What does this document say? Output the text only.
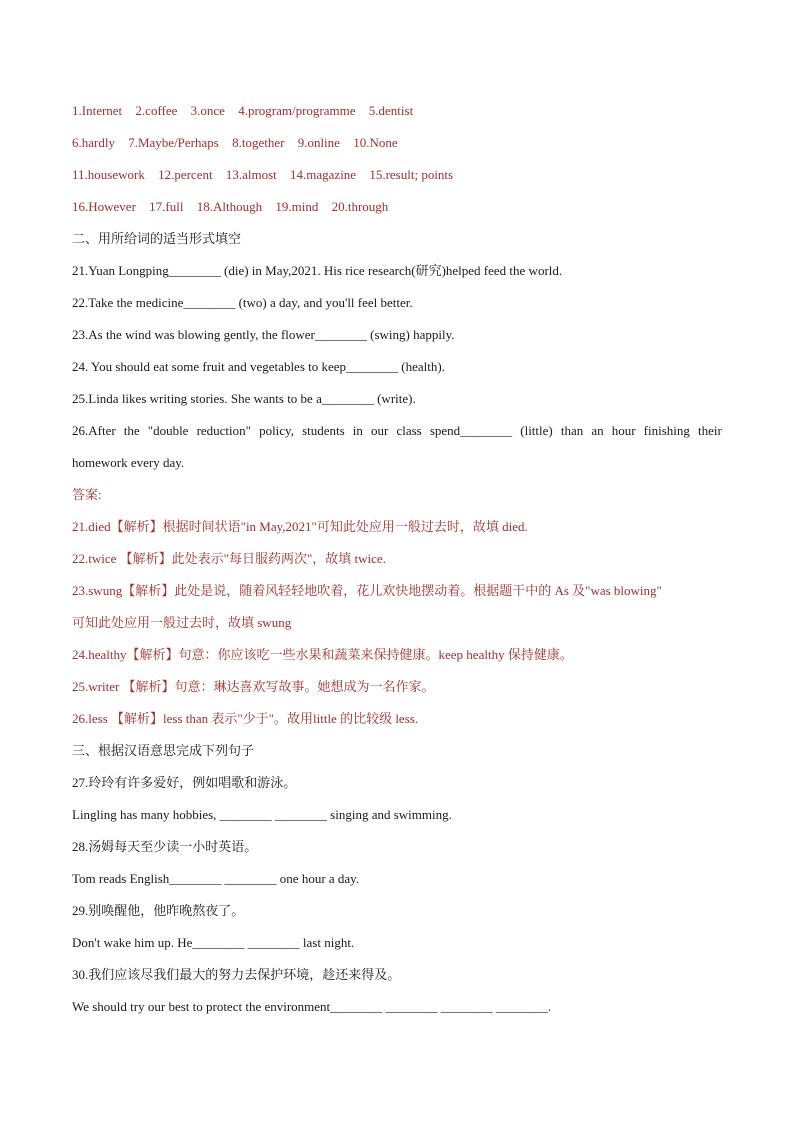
1.Internet 2.coffee 3.once 4.program/programme 5.dentist
6.hardly 7.Maybe/Perhaps 8.together 9.online 10.None
11.housework 12.percent 13.almost 14.magazine 15.result; points
16.However 17.full 18.Although 19.mind 20.through
二、用所给词的适当形式填空
21.Yuan Longping________ (die) in May,2021. His rice research(研究)helped feed the world.
22.Take the medicine________ (two) a day, and you'll feel better.
23.As the wind was blowing gently, the flower________ (swing) happily.
24. You should eat some fruit and vegetables to keep________ (health).
25.Linda likes writing stories. She wants to be a________ (write).
26.After the "double reduction" policy, students in our class spend________ (little) than an hour finishing their
homework every day.
答案:
21.died【解析】根据时间状语"in May,2021"可知此处应用一般过去时，故填 died.
22.twice 【解析】此处表示"每日服药两次"，故填 twice.
23.swung【解析】此处是说，随着风轻轻地吹着，花儿欢快地摆动着。根据题干中的 As 及"was blowing"
可知此处应用一般过去时，故填 swung
24.healthy【解析】句意：你应该吃一些水果和蔬菜来保持健康。keep healthy 保持健康。
25.writer 【解析】句意：琳达喜欢写故事。她想成为一名作家。
26.less 【解析】less than 表示"少于"。故用little 的比较级 less.
三、根据汉语意思完成下列句子
27.玲玲有许多爱好，例如唱歌和游泳。
Lingling has many hobbies, ________ ________ singing and swimming.
28.汤姆每天至少读一小时英语。
Tom reads English________ ________ one hour a day.
29.别唤醒他，他昨晚熬夜了。
Don't wake him up. He________ ________ last night.
30.我们应该尽我们最大的努力去保护环境，趁还来得及。
We should try our best to protect the environment________ ________ ________ ________.
